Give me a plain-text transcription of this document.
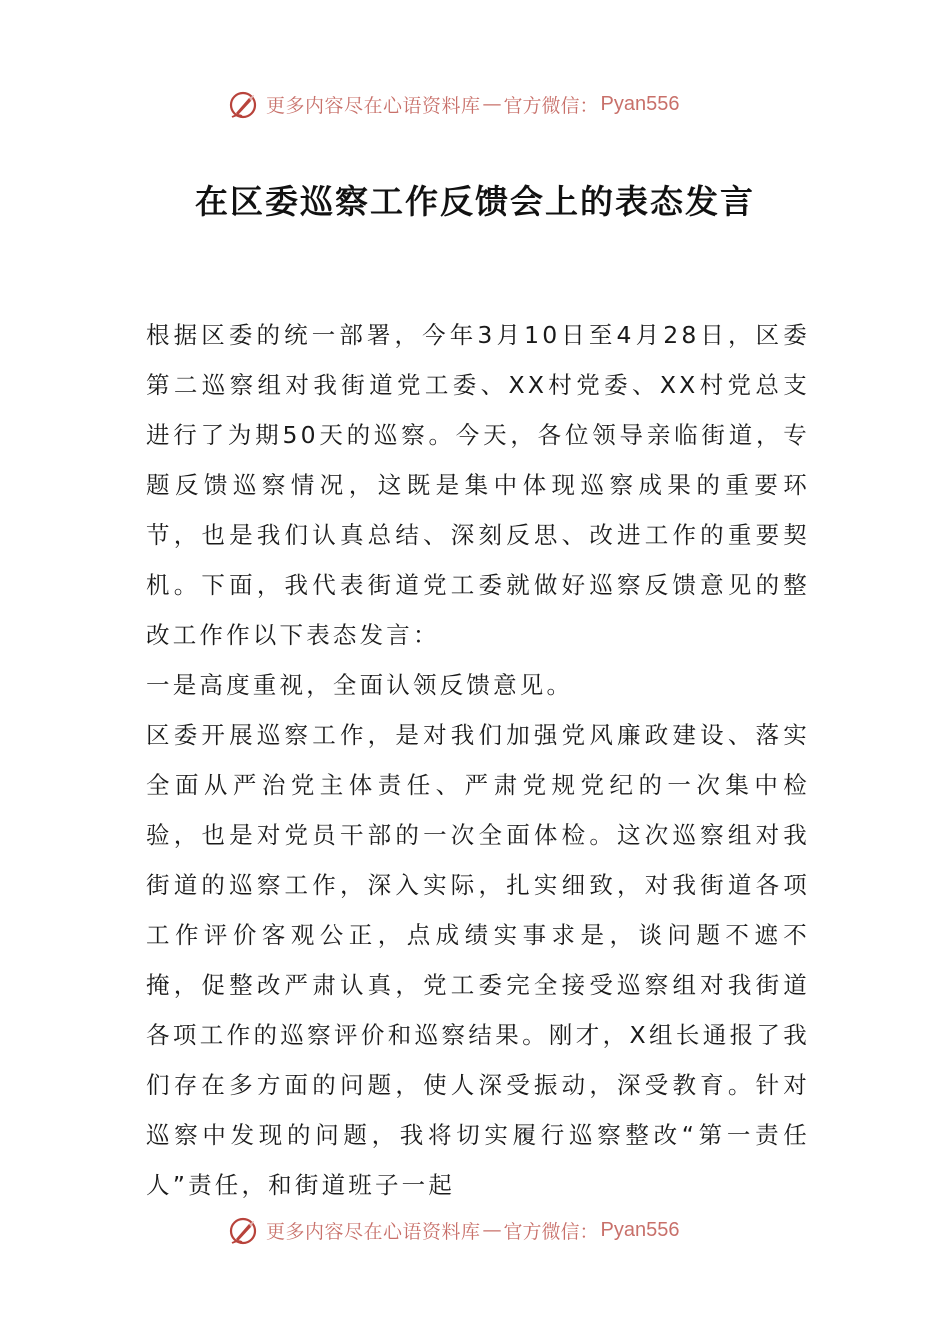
更多内容尽在心语资料库 — 官方微信： Pyan556
在区委巡察工作反馈会上的表态发言

根据区委的统一部署，今年3月10日至4月28日，区委第二巡察组对我街道党工委、XX村党委、XX村党总支进行了为期50天的巡察。今天，各位领导亲临街道，专题反馈巡察情况，这既是集中体现巡察成果的重要环节，也是我们认真总结、深刻反思、改进工作的重要契机。下面，我代表街道党工委就做好巡察反馈意见的整改工作作以下表态发言：

一是高度重视，全面认领反馈意见。

区委开展巡察工作，是对我们加强党风廉政建设、落实全面从严治党主体责任、严肃党规党纪的一次集中检验，也是对党员干部的一次全面体检。这次巡察组对我街道的巡察工作，深入实际，扎实细致，对我街道各项工作评价客观公正，点成绩实事求是，谈问题不遮不掩，促整改严肃认真，党工委完全接受巡察组对我街道各项工作的巡察评价和巡察结果。刚才，X组长通报了我们存在多方面的问题，使人深受振动，深受教育。针对巡察中发现的问题，我将切实履行巡察整改“第一责任人”责任，和街道班子一起

更多内容尽在心语资料库 — 官方微信： Pyan556
